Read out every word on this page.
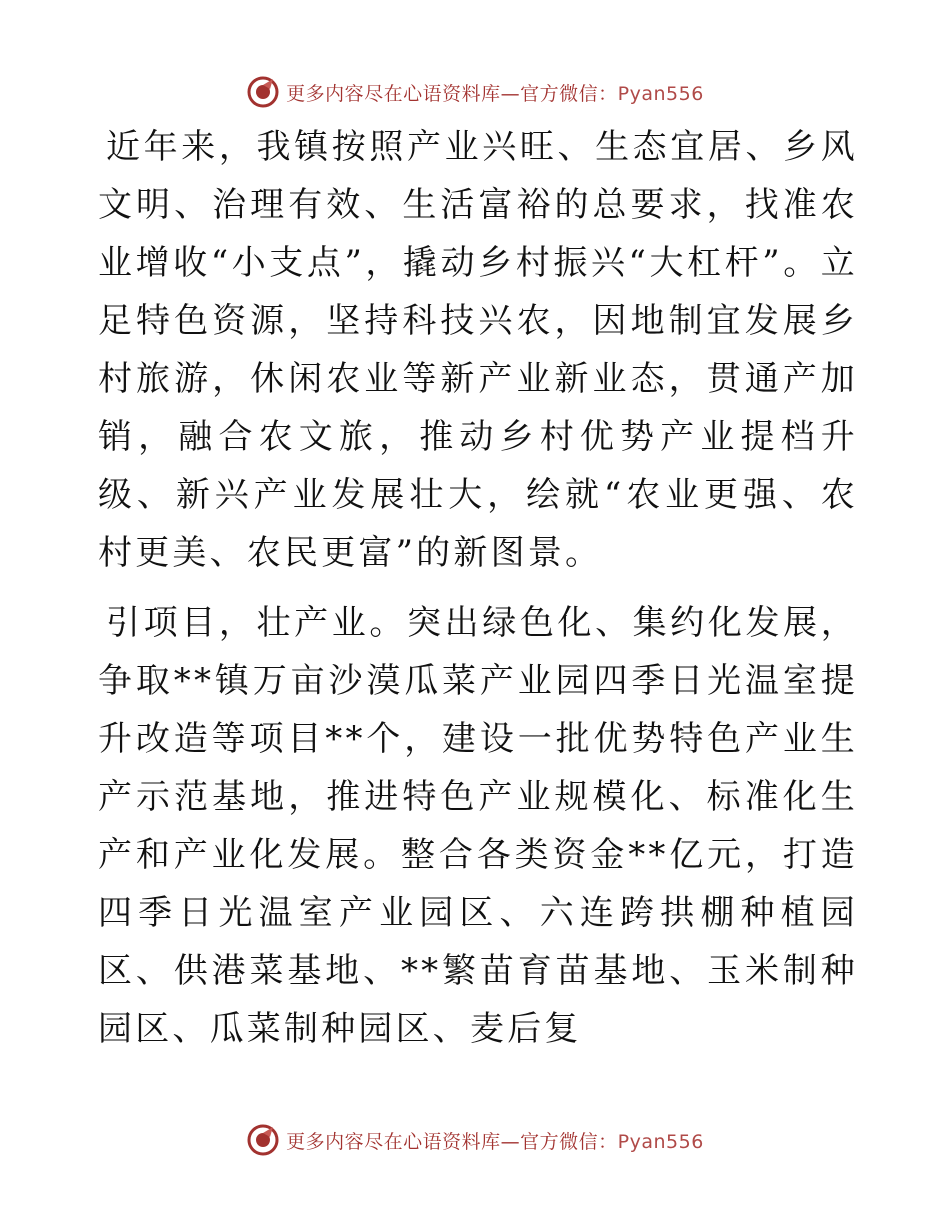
更多内容尽在心语资料库—官方微信：Pyan556

近年来，我镇按照产业兴旺、生态宜居、乡风文明、治理有效、生活富裕的总要求，找准农业增收“小支点”，撬动乡村振兴“大杠杆”。立足特色资源，坚持科技兴农，因地制宜发展乡村旅游，休闲农业等新产业新业态，贯通产加销，融合农文旅，推动乡村优势产业提档升级、新兴产业发展壮大，绘就“农业更强、农村更美、农民更富”的新图景。

引项目，壮产业。突出绿色化、集约化发展，争取**镇万亩沙漠瓜菜产业园四季日光温室提升改造等项目**个，建设一批优势特色产业生产示范基地，推进特色产业规模化、标准化生产和产业化发展。整合各类资金**亿元，打造四季日光温室产业园区、六连跨拱棚种植园区、供港菜基地、**繁苗育苗基地、玉米制种园区、瓜菜制种园区、麦后复

更多内容尽在心语资料库—官方微信：Pyan556
